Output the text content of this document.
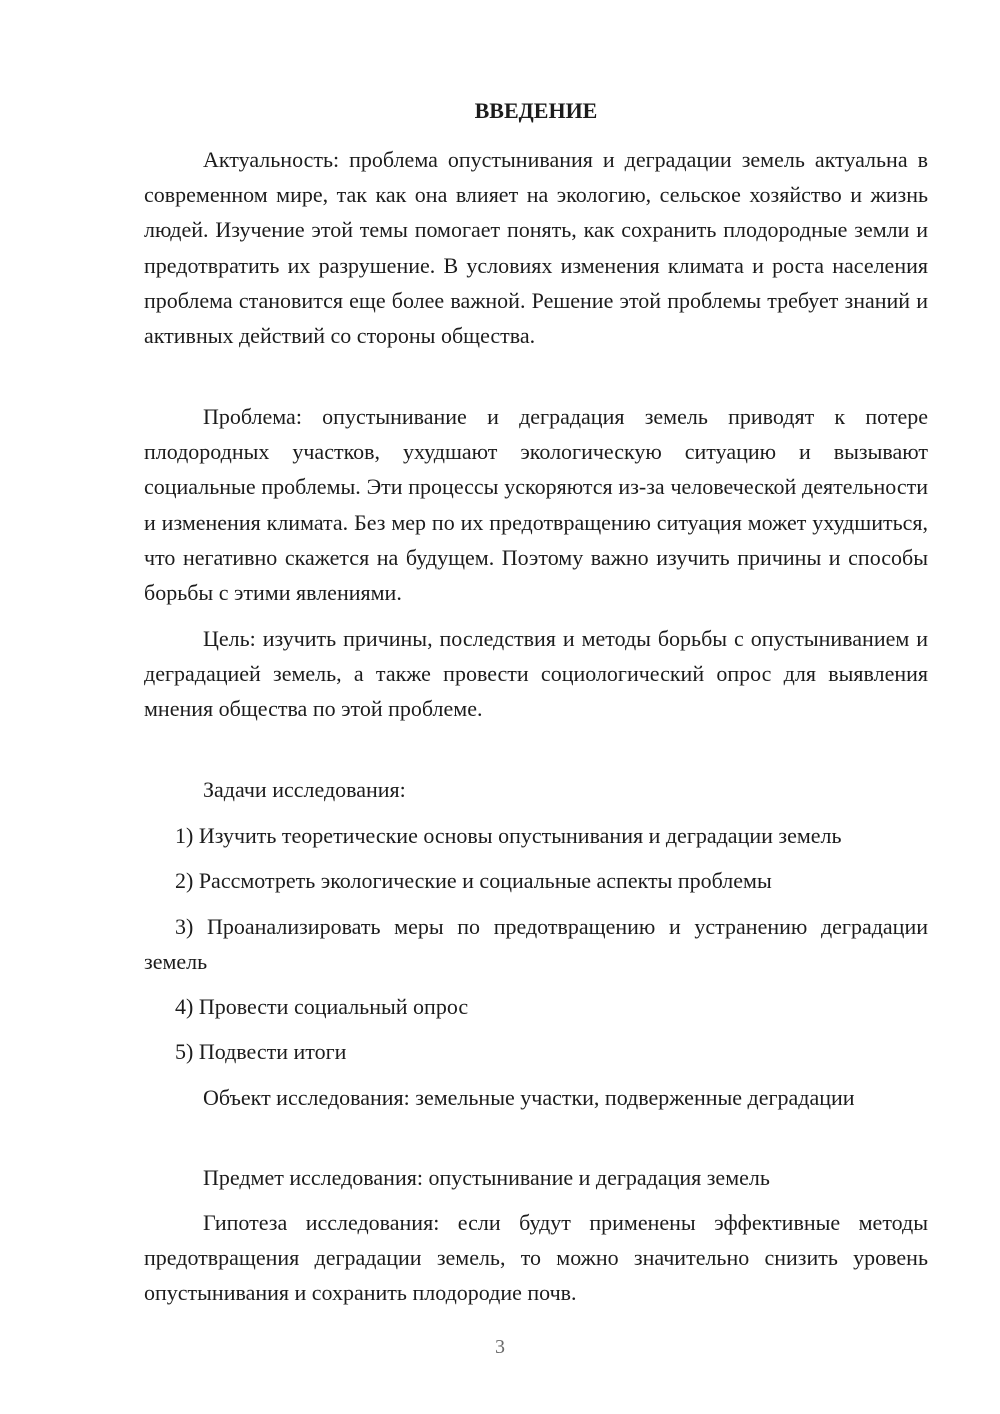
ВВЕДЕНИЕ

Актуальность: проблема опустынивания и деградации земель актуальна в современном мире, так как она влияет на экологию, сельское хозяйство и жизнь людей. Изучение этой темы помогает понять, как сохранить плодородные земли и предотвратить их разрушение. В условиях изменения климата и роста населения проблема становится еще более важной. Решение этой проблемы требует знаний и активных действий со стороны общества.

Проблема: опустынивание и деградация земель приводят к потере плодородных участков, ухудшают экологическую ситуацию и вызывают социальные проблемы. Эти процессы ускоряются из-за человеческой деятельности и изменения климата. Без мер по их предотвращению ситуация может ухудшиться, что негативно скажется на будущем. Поэтому важно изучить причины и способы борьбы с этими явлениями.

Цель: изучить причины, последствия и методы борьбы с опустыниванием и деградацией земель, а также провести социологический опрос для выявления мнения общества по этой проблеме.

Задачи исследования:

1) Изучить теоретические основы опустынивания и деградации земель

2) Рассмотреть экологические и социальные аспекты проблемы

3) Проанализировать меры по предотвращению и устранению деградации земель

4) Провести социальный опрос

5) Подвести итоги

Объект исследования: земельные участки, подверженные деградации

Предмет исследования: опустынивание и деградация земель

Гипотеза исследования: если будут применены эффективные методы предотвращения деградации земель, то можно значительно снизить уровень опустынивания и сохранить плодородие почв.

3
